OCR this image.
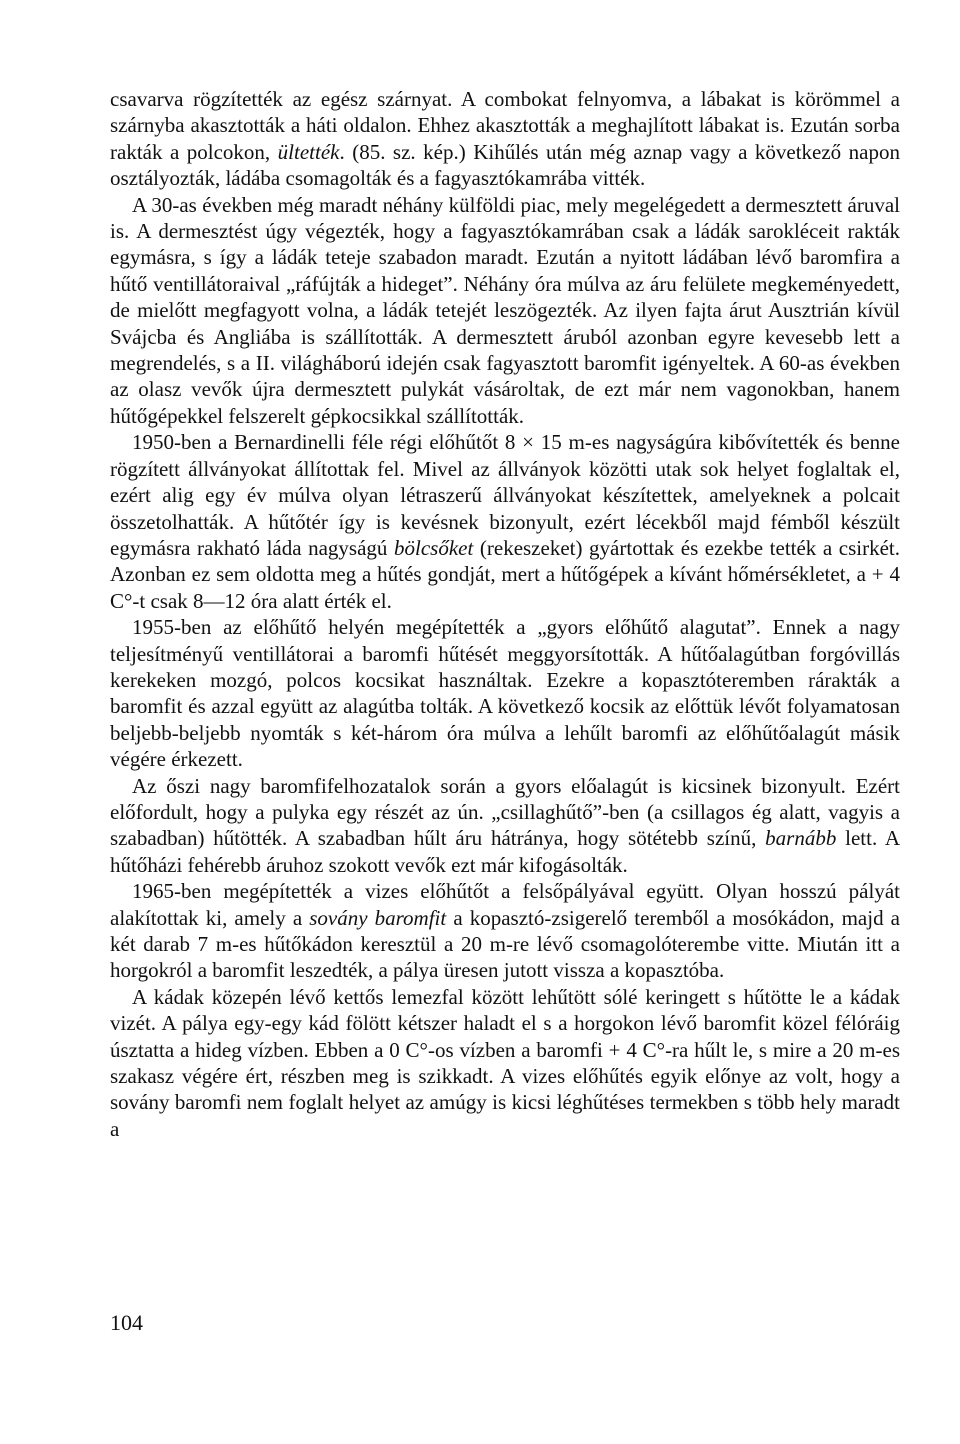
csavarva rögzítették az egész szárnyat. A combokat felnyomva, a lábakat is körömmel a szárnyba akasztották a háti oldalon. Ehhez akasztották a meghajlított lábakat is. Ezután sorba rakták a polcokon, ültették. (85. sz. kép.) Kihűlés után még aznap vagy a következő napon osztályozták, ládába csomagolták és a fagyasztókamrába vitték.

A 30-as években még maradt néhány külföldi piac, mely megelégedett a dermesztett áruval is. A dermesztést úgy végezték, hogy a fagyasztókamrában csak a ládák sarokléceit rakták egymásra, s így a ládák teteje szabadon maradt. Ezután a nyitott ládában lévő baromfira a hűtő ventillátoraival „ráfújták a hideget”. Néhány óra múlva az áru felülete megkeményedett, de mielőtt megfagyott volna, a ládák tetejét leszögezték. Az ilyen fajta árut Ausztrián kívül Svájcba és Angliába is szállították. A dermesztett áruból azonban egyre kevesebb lett a megrendelés, s a II. világháború idején csak fagyasztott baromfit igényeltek. A 60-as években az olasz vevők újra dermesztett pulykát vásároltak, de ezt már nem vagonokban, hanem hűtőgépekkel felszerelt gépkocsikkal szállították.

1950-ben a Bernardinelli féle régi előhűtőt 8 × 15 m-es nagyságúra kibővítették és benne rögzített állványokat állítottak fel. Mivel az állványok közötti utak sok helyet foglaltak el, ezért alig egy év múlva olyan létraszerű állványokat készítettek, amelyeknek a polcait összetolhatták. A hűtőtér így is kevésnek bizonyult, ezért lécekből majd fémből készült egymásra rakható láda nagyságú bölcsőket (rekeszeket) gyártottak és ezekbe tették a csirkét. Azonban ez sem oldotta meg a hűtés gondját, mert a hűtőgépek a kívánt hőmérsékletet, a + 4 C°-t csak 8—12 óra alatt érték el.

1955-ben az előhűtő helyén megépítették a „gyors előhűtő alagutat”. Ennek a nagy teljesítményű ventillátorai a baromfi hűtését meggyorsították. A hűtőalagútban forgóvillás kerekeken mozgó, polcos kocsikat használtak. Ezekre a kopasztóteremben rárakták a baromfit és azzal együtt az alagútba tolták. A következő kocsik az előttük lévőt folyamatosan beljebb-beljebb nyomták s két-három óra múlva a lehűlt baromfi az előhűtőalagút másik végére érkezett.

Az őszi nagy baromfifelhozatalok során a gyors előalagút is kicsinek bizonyult. Ezért előfordult, hogy a pulyka egy részét az ún. „csillaghűtő”-ben (a csillagos ég alatt, vagyis a szabadban) hűtötték. A szabadban hűlt áru hátránya, hogy sötétebb színű, barnább lett. A hűtőházi fehérebb áruhoz szokott vevők ezt már kifogásolták.

1965-ben megépítették a vizes előhűtőt a felsőpályával együtt. Olyan hosszú pályát alakítottak ki, amely a sovány baromfit a kopasztó-zsigerelő teremből a mosókádon, majd a két darab 7 m-es hűtőkádon keresztül a 20 m-re lévő csomagolóterembe vitte. Miután itt a horgokról a baromfit leszedték, a pálya üresen jutott vissza a kopasztóba.

A kádak közepén lévő kettős lemezfal között lehűtött sólé keringett s hűtötte le a kádak vizét. A pálya egy-egy kád fölött kétszer haladt el s a horgokon lévő baromfit közel félóráig úsztatta a hideg vízben. Ebben a 0 C°-os vízben a baromfi + 4 C°-ra hűlt le, s mire a 20 m-es szakasz végére ért, részben meg is szikkadt. A vizes előhűtés egyik előnye az volt, hogy a sovány baromfi nem foglalt helyet az amúgy is kicsi léghűtéses termekben s több hely maradt a

104
